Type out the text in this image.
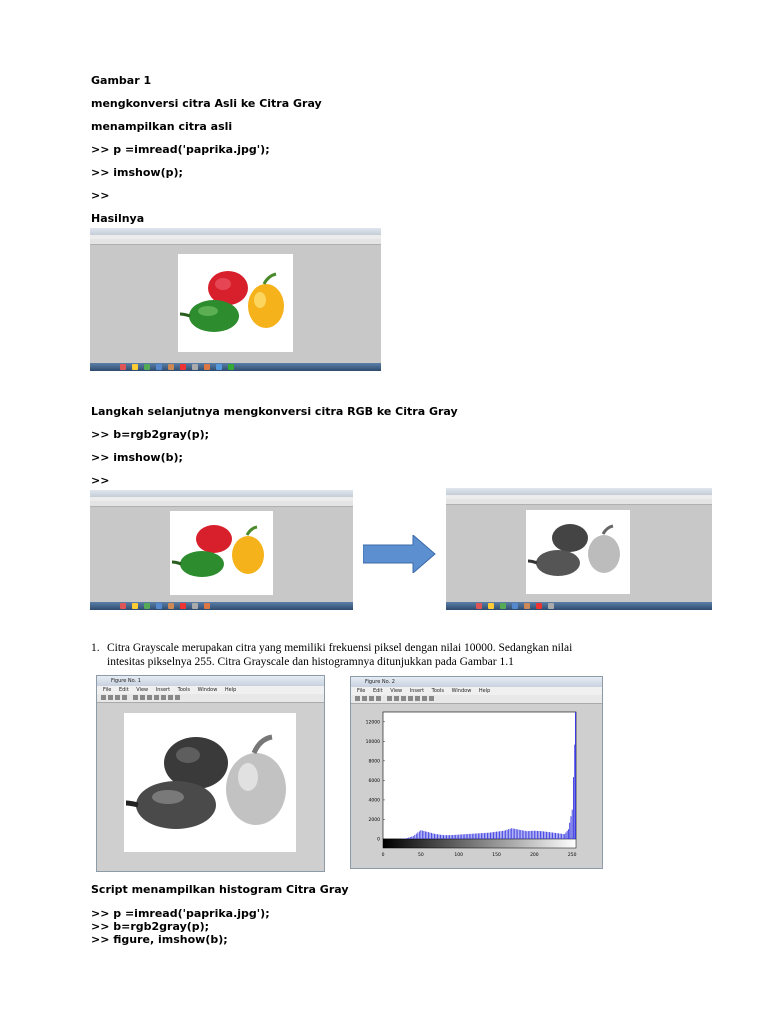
Gambar 1
mengkonversi citra Asli ke Citra Gray
menampilkan citra asli
>> p =imread('paprika.jpg');
>> imshow(p);
>>
Hasilnya
Langkah selanjutnya mengkonversi citra RGB ke Citra Gray
>> b=rgb2gray(p);
>> imshow(b);
>>
1. Citra Grayscale merupakan citra yang memiliki frekuensi piksel dengan nilai 10000. Sedangkan nilai
intesitas pikselnya 255. Citra Grayscale dan histogramnya ditunjukkan pada Gambar 1.1
Figure No. 1
File Edit View Insert Tools Window Help
Figure No. 2
File Edit View Insert Tools Window Help
0
2000
4000
6000
8000
10000
12000
0	50	100	150	200	250
Script menampilkan histogram Citra Gray
>> p =imread('paprika.jpg');
>> b=rgb2gray(p);
>> figure, imshow(b);
